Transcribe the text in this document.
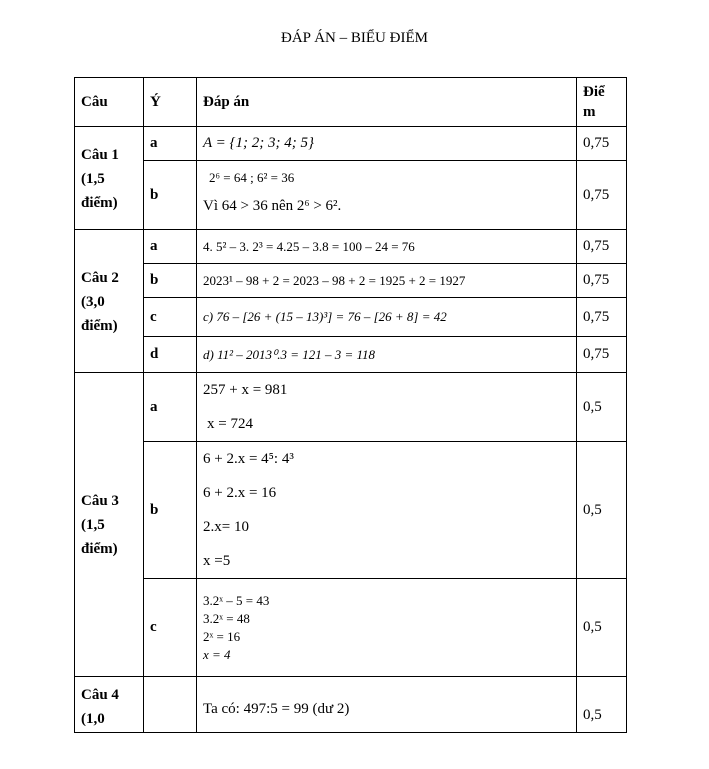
ĐÁP ÁN – BIỂU ĐIỂM
Câu	Ý	Đáp án	Điể
m
Câu 1
(1,5
điểm)	a	A = {1; 2; 3; 4; 5}	0,75
	b	2⁶ = 64 ; 6² = 36
Vì 64 > 36 nên 2⁶ > 6².	0,75
Câu 2
(3,0
điểm)	a	4. 5² – 3. 2³ = 4.25 – 3.8 = 100 – 24 = 76	0,75
	b	2023¹ – 98 + 2 = 2023 – 98 + 2 = 1925 + 2 = 1927	0,75
	c	c) 76 – [26 + (15 – 13)³] = 76 – [26 + 8] = 42	0,75
	d	d) 11² – 2013⁰.3 = 121 – 3 = 118	0,75
Câu 3
(1,5
điểm)	a	257 + x = 981
x = 724	0,5
	b	6 + 2.x = 4⁵: 4³
6 + 2.x = 16
2.x= 10
x =5	0,5
	c	3.2ˣ – 5 = 43
3.2ˣ = 48
2ˣ = 16
x = 4	0,5
Câu 4
(1,0		Ta có: 497:5 = 99 (dư 2)	0,5
